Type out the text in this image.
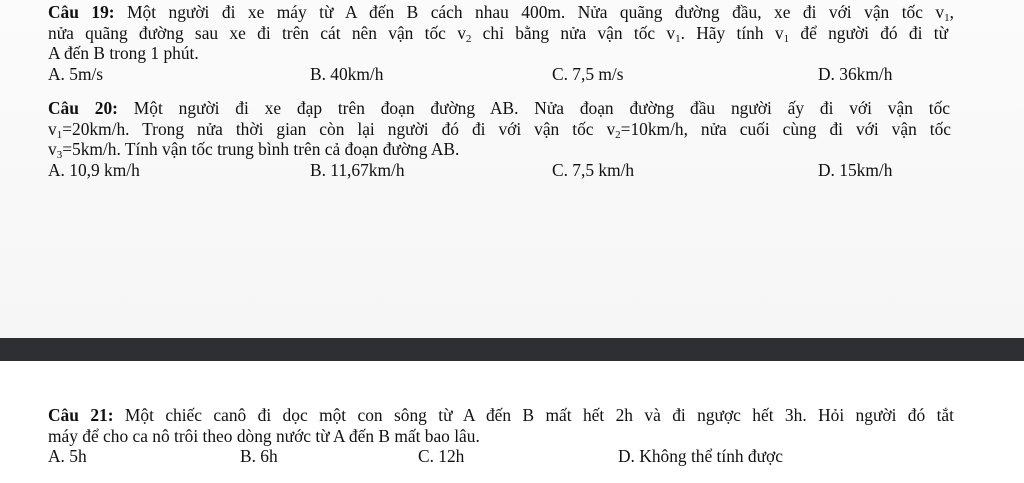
Câu 19: Một người đi xe máy từ A đến B cách nhau 400m. Nửa quãng đường đầu, xe đi với vận tốc $v_1$,
nửa quãng đường sau xe đi trên cát nên vận tốc $v_2$ chỉ bằng nửa vận tốc $v_1$. Hãy tính $v_1$ để người đó đi từ
A đến B trong 1 phút.
A. 5m/s	B. 40km/h	C. 7,5 m/s	D. 36km/h
Câu 20: Một người đi xe đạp trên đoạn đường AB. Nửa đoạn đường đầu người ấy đi với vận tốc
$v_1=20km/h$. Trong nửa thời gian còn lại người đó đi với vận tốc $v_2=10km/h$, nửa cuối cùng đi với vận tốc
$v_3=5km/h$. Tính vận tốc trung bình trên cả đoạn đường AB.
A. 10,9 km/h	B. 11,67km/h	C. 7,5 km/h	D. 15km/h
Câu 21: Một chiếc canô đi dọc một con sông từ A đến B mất hết 2h và đi ngược hết 3h. Hỏi người đó tắt
máy để cho ca nô trôi theo dòng nước từ A đến B mất bao lâu.
A. 5h	B. 6h	C. 12h	D. Không thể tính được
